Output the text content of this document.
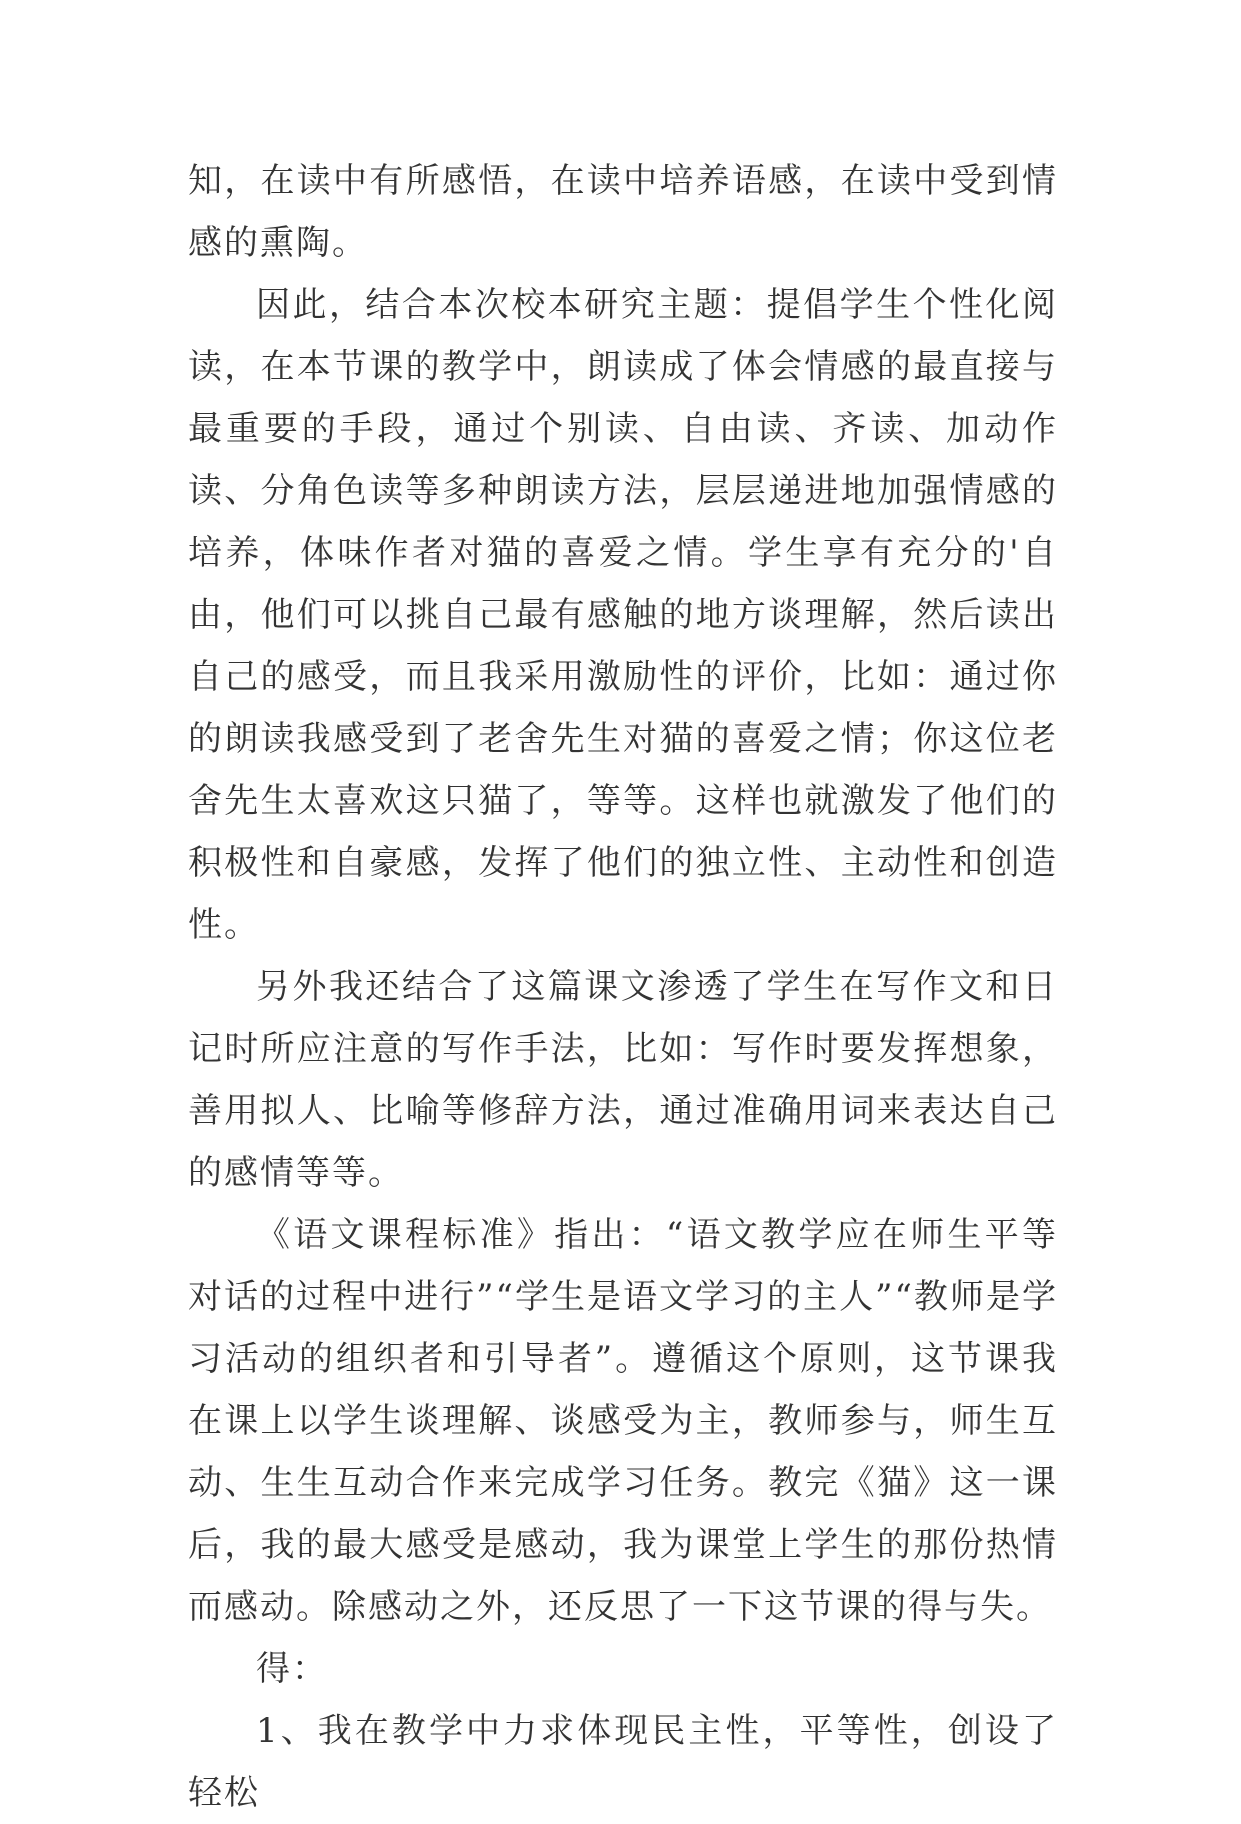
知，在读中有所感悟，在读中培养语感，在读中受到情感的熏陶。

因此，结合本次校本研究主题：提倡学生个性化阅读，在本节课的教学中，朗读成了体会情感的最直接与最重要的手段，通过个别读、自由读、齐读、加动作读、分角色读等多种朗读方法，层层递进地加强情感的培养，体味作者对猫的喜爱之情。学生享有充分的'自由，他们可以挑自己最有感触的地方谈理解，然后读出自己的感受，而且我采用激励性的评价，比如：通过你的朗读我感受到了老舍先生对猫的喜爱之情；你这位老舍先生太喜欢这只猫了，等等。这样也就激发了他们的积极性和自豪感，发挥了他们的独立性、主动性和创造性。

另外我还结合了这篇课文渗透了学生在写作文和日记时所应注意的写作手法，比如：写作时要发挥想象，善用拟人、比喻等修辞方法，通过准确用词来表达自己的感情等等。

《语文课程标准》指出：“语文教学应在师生平等对话的过程中进行”“学生是语文学习的主人”“教师是学习活动的组织者和引导者”。遵循这个原则，这节课我在课上以学生谈理解、谈感受为主，教师参与，师生互动、生生互动合作来完成学习任务。教完《猫》这一课后，我的最大感受是感动，我为课堂上学生的那份热情而感动。除感动之外，还反思了一下这节课的得与失。

得：

1、我在教学中力求体现民主性，平等性，创设了轻松
